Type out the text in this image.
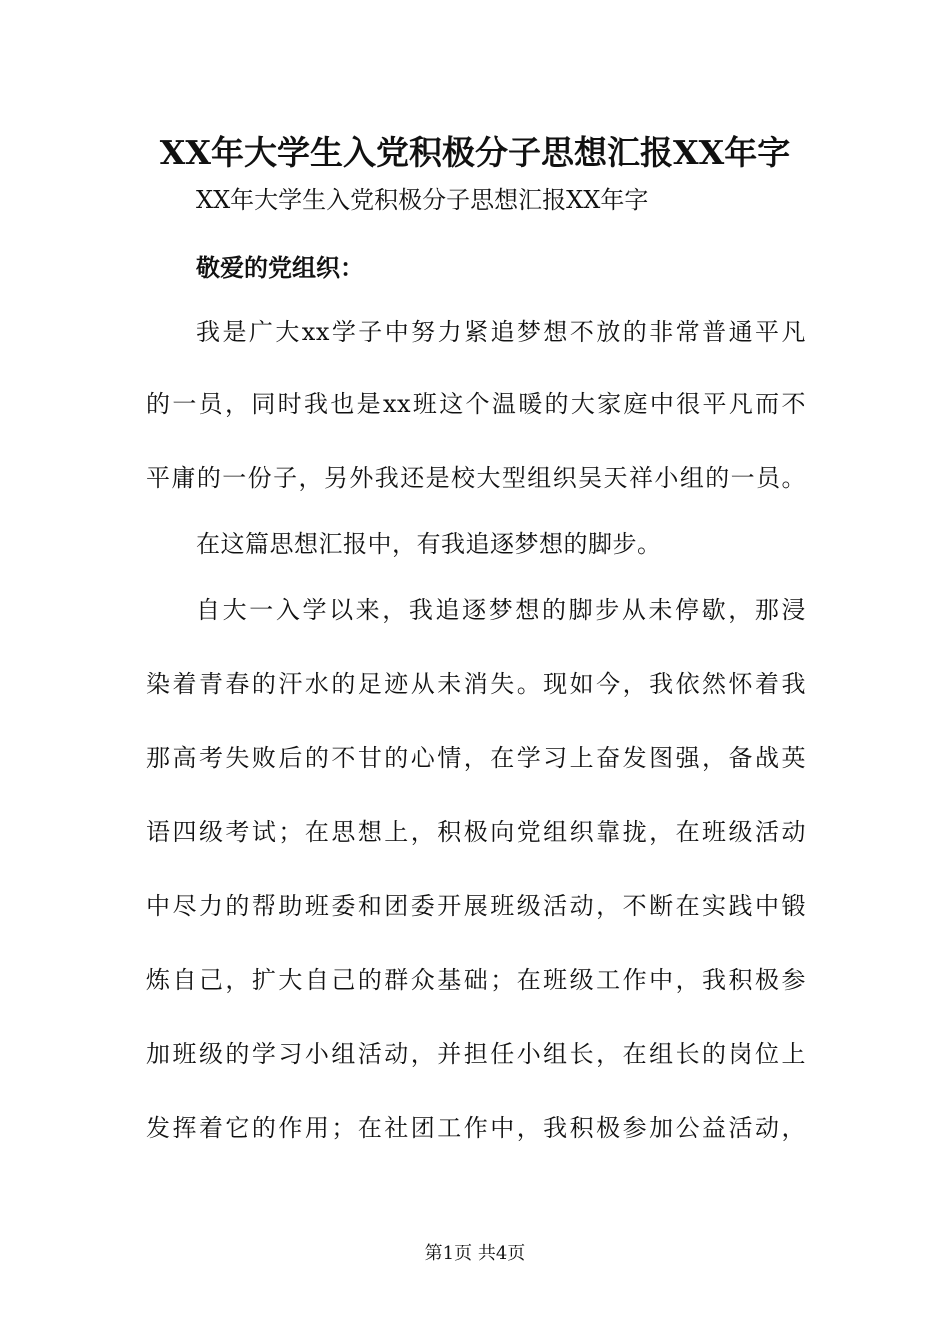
XX年大学生入党积极分子思想汇报XX年字
XX年大学生入党积极分子思想汇报XX年字
敬爱的党组织：
我是广大xx学子中努力紧追梦想不放的非常普通平凡
的一员，同时我也是xx班这个温暖的大家庭中很平凡而不
平庸的一份子，另外我还是校大型组织吴天祥小组的一员。
在这篇思想汇报中，有我追逐梦想的脚步。
自大一入学以来，我追逐梦想的脚步从未停歇，那浸
染着青春的汗水的足迹从未消失。现如今，我依然怀着我
那高考失败后的不甘的心情，在学习上奋发图强，备战英
语四级考试；在思想上，积极向党组织靠拢，在班级活动
中尽力的帮助班委和团委开展班级活动，不断在实践中锻
炼自己，扩大自己的群众基础；在班级工作中，我积极参
加班级的学习小组活动，并担任小组长，在组长的岗位上
发挥着它的作用；在社团工作中，我积极参加公益活动，
第1页 共4页
